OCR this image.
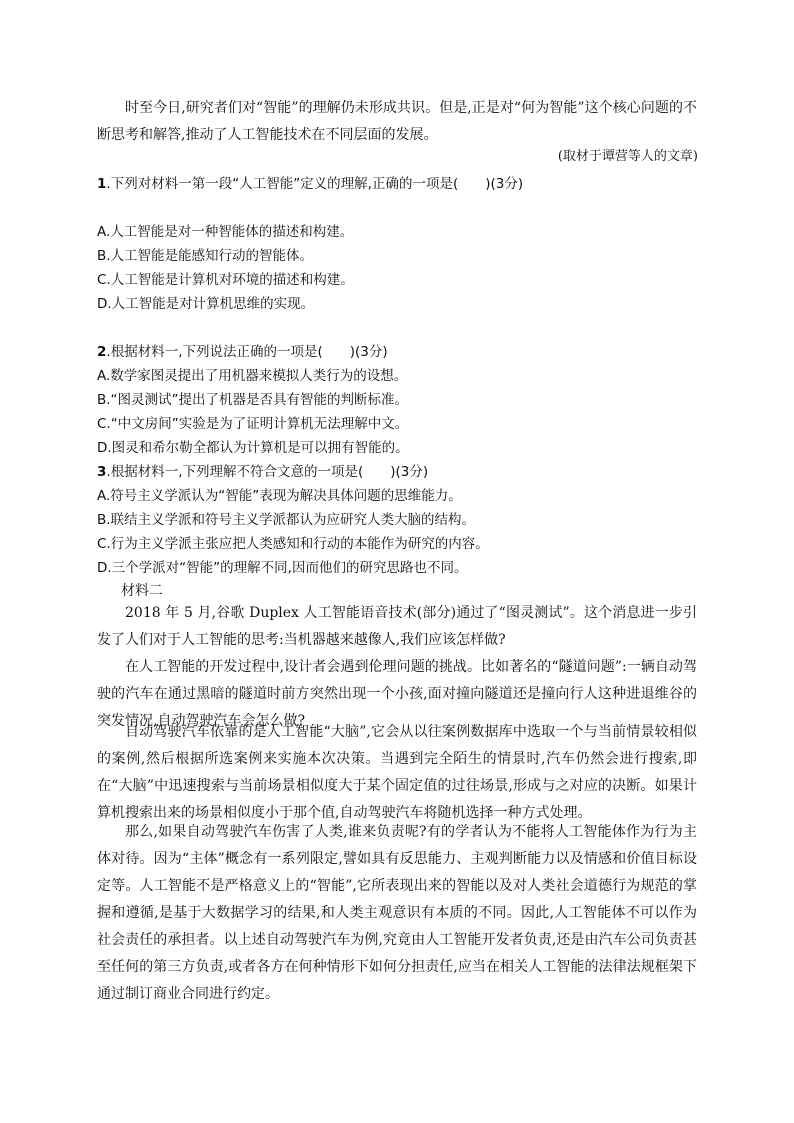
时至今日,研究者们对“智能”的理解仍未形成共识。但是,正是对“何为智能”这个核心问题的不断思考和解答,推动了人工智能技术在不同层面的发展。

(取材于谭营等人的文章)

1.下列对材料一第一段“人工智能”定义的理解,正确的一项是(　　)(3分)

A.人工智能是对一种智能体的描述和构建。

B.人工智能是能感知行动的智能体。

C.人工智能是计算机对环境的描述和构建。

D.人工智能是对计算机思维的实现。

2.根据材料一,下列说法正确的一项是(　　)(3分)

A.数学家图灵提出了用机器来模拟人类行为的设想。

B.“图灵测试”提出了机器是否具有智能的判断标准。

C.“中文房间”实验是为了证明计算机无法理解中文。

D.图灵和希尔勒全都认为计算机是可以拥有智能的。

3.根据材料一,下列理解不符合文意的一项是(　　)(3分)

A.符号主义学派认为“智能”表现为解决具体问题的思维能力。

B.联结主义学派和符号主义学派都认为应研究人类大脑的结构。

C.行为主义学派主张应把人类感知和行动的本能作为研究的内容。

D.三个学派对“智能”的理解不同,因而他们的研究思路也不同。

材料二

2018 年 5 月,谷歌 Duplex 人工智能语音技术(部分)通过了“图灵测试”。这个消息进一步引发了人们对于人工智能的思考:当机器越来越像人,我们应该怎样做?

在人工智能的开发过程中,设计者会遇到伦理问题的挑战。比如著名的“隧道问题”:一辆自动驾驶的汽车在通过黑暗的隧道时前方突然出现一个小孩,面对撞向隧道还是撞向行人这种进退维谷的突发情况,自动驾驶汽车会怎么做?

自动驾驶汽车依靠的是人工智能“大脑”,它会从以往案例数据库中选取一个与当前情景较相似的案例,然后根据所选案例来实施本次决策。当遇到完全陌生的情景时,汽车仍然会进行搜索,即在“大脑”中迅速搜索与当前场景相似度大于某个固定值的过往场景,形成与之对应的决断。如果计算机搜索出来的场景相似度小于那个值,自动驾驶汽车将随机选择一种方式处理。

那么,如果自动驾驶汽车伤害了人类,谁来负责呢?有的学者认为不能将人工智能体作为行为主体对待。因为“主体”概念有一系列限定,譬如具有反思能力、主观判断能力以及情感和价值目标设定等。人工智能不是严格意义上的“智能”,它所表现出来的智能以及对人类社会道德行为规范的掌握和遵循,是基于大数据学习的结果,和人类主观意识有本质的不同。因此,人工智能体不可以作为社会责任的承担者。以上述自动驾驶汽车为例,究竟由人工智能开发者负责,还是由汽车公司负责甚至任何的第三方负责,或者各方在何种情形下如何分担责任,应当在相关人工智能的法律法规框架下通过制订商业合同进行约定。
